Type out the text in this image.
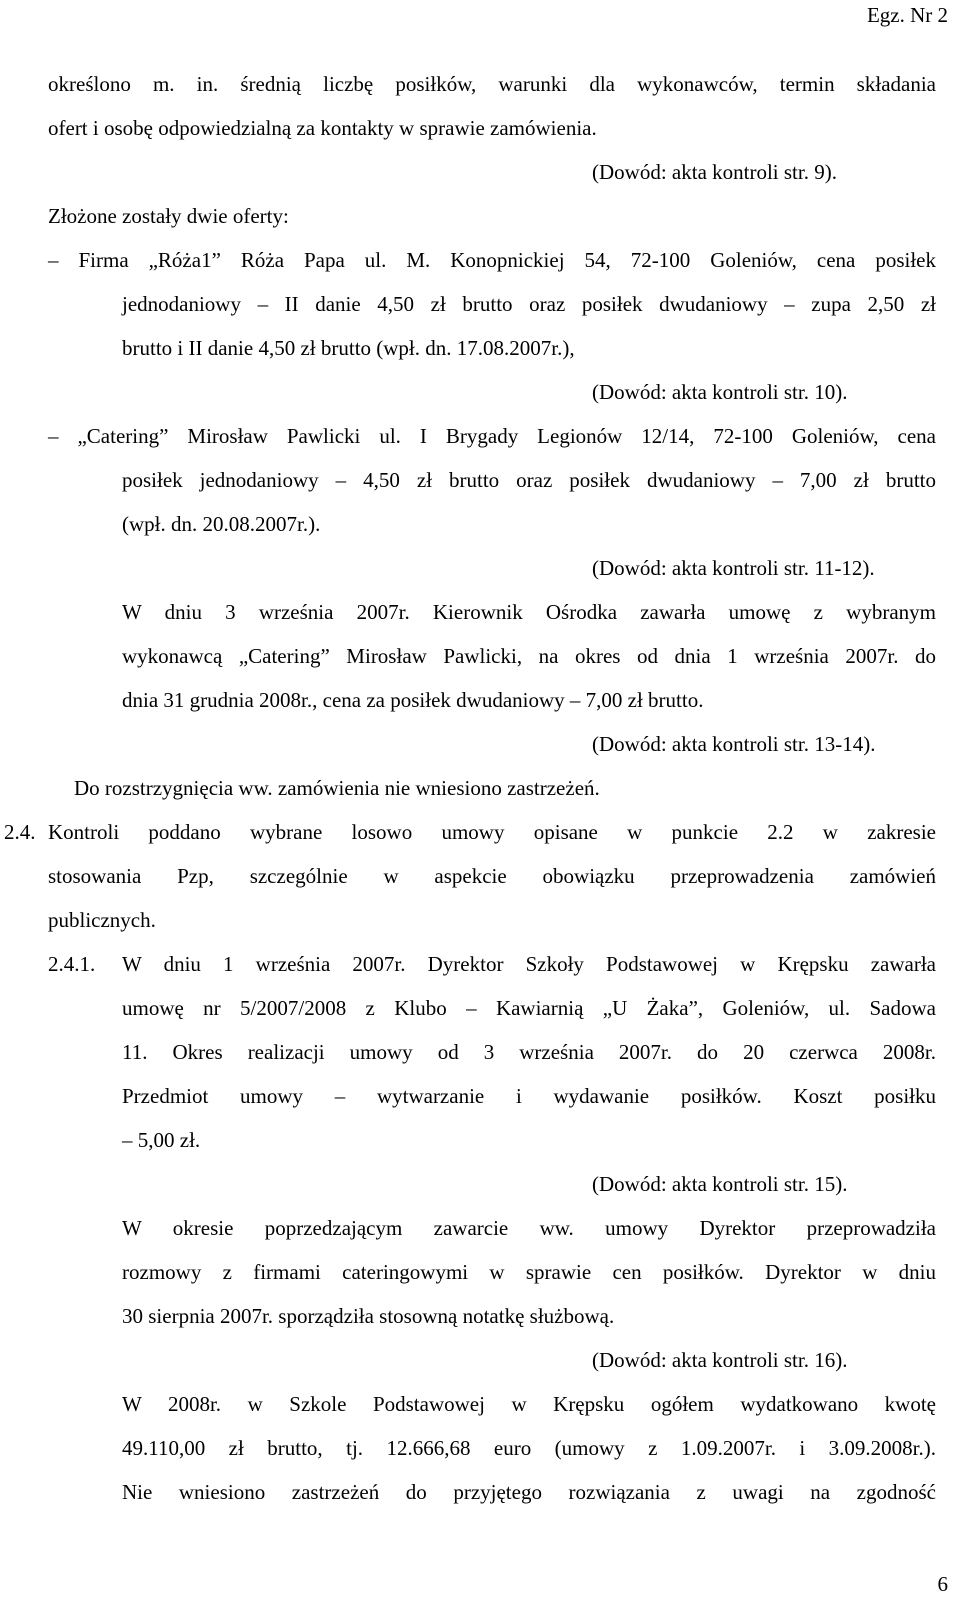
Egz. Nr 2
określono m. in. średnią liczbę posiłków, warunki dla wykonawców, termin składania
ofert i osobę odpowiedzialną za kontakty w sprawie zamówienia.
(Dowód: akta kontroli str. 9).
Złożone zostały dwie oferty:
– Firma „Róża1” Róża Papa ul. M. Konopnickiej 54, 72-100 Goleniów, cena posiłek
jednodaniowy – II danie 4,50 zł brutto oraz posiłek dwudaniowy – zupa 2,50 zł
brutto i II danie 4,50 zł brutto (wpł. dn. 17.08.2007r.),
(Dowód: akta kontroli str. 10).
– „Catering” Mirosław Pawlicki ul. I Brygady Legionów 12/14, 72-100 Goleniów, cena
posiłek jednodaniowy – 4,50 zł brutto oraz posiłek dwudaniowy – 7,00 zł brutto
(wpł. dn. 20.08.2007r.).
(Dowód: akta kontroli str. 11-12).
W dniu 3 września 2007r. Kierownik Ośrodka zawarła umowę z wybranym
wykonawcą „Catering” Mirosław Pawlicki, na okres od dnia 1 września 2007r. do
dnia 31 grudnia 2008r., cena za posiłek dwudaniowy – 7,00 zł brutto.
(Dowód: akta kontroli str. 13-14).
Do rozstrzygnięcia ww. zamówienia nie wniesiono zastrzeżeń.
2.4. Kontroli poddano wybrane losowo umowy opisane w punkcie 2.2 w zakresie
stosowania Pzp, szczególnie w aspekcie obowiązku przeprowadzenia zamówień
publicznych.
2.4.1. W dniu 1 września 2007r. Dyrektor Szkoły Podstawowej w Krępsku zawarła
umowę nr 5/2007/2008 z Klubo – Kawiarnią „U Żaka”, Goleniów, ul. Sadowa
11. Okres realizacji umowy od 3 września 2007r. do 20 czerwca 2008r.
Przedmiot umowy – wytwarzanie i wydawanie posiłków. Koszt posiłku
– 5,00 zł.
(Dowód: akta kontroli str. 15).
W okresie poprzedzającym zawarcie ww. umowy Dyrektor przeprowadziła
rozmowy z firmami cateringowymi w sprawie cen posiłków. Dyrektor w dniu
30 sierpnia 2007r. sporządziła stosowną notatkę służbową.
(Dowód: akta kontroli str. 16).
W 2008r. w Szkole Podstawowej w Krępsku ogółem wydatkowano kwotę
49.110,00 zł brutto, tj. 12.666,68 euro (umowy z 1.09.2007r. i 3.09.2008r.).
Nie wniesiono zastrzeżeń do przyjętego rozwiązania z uwagi na zgodność
6
